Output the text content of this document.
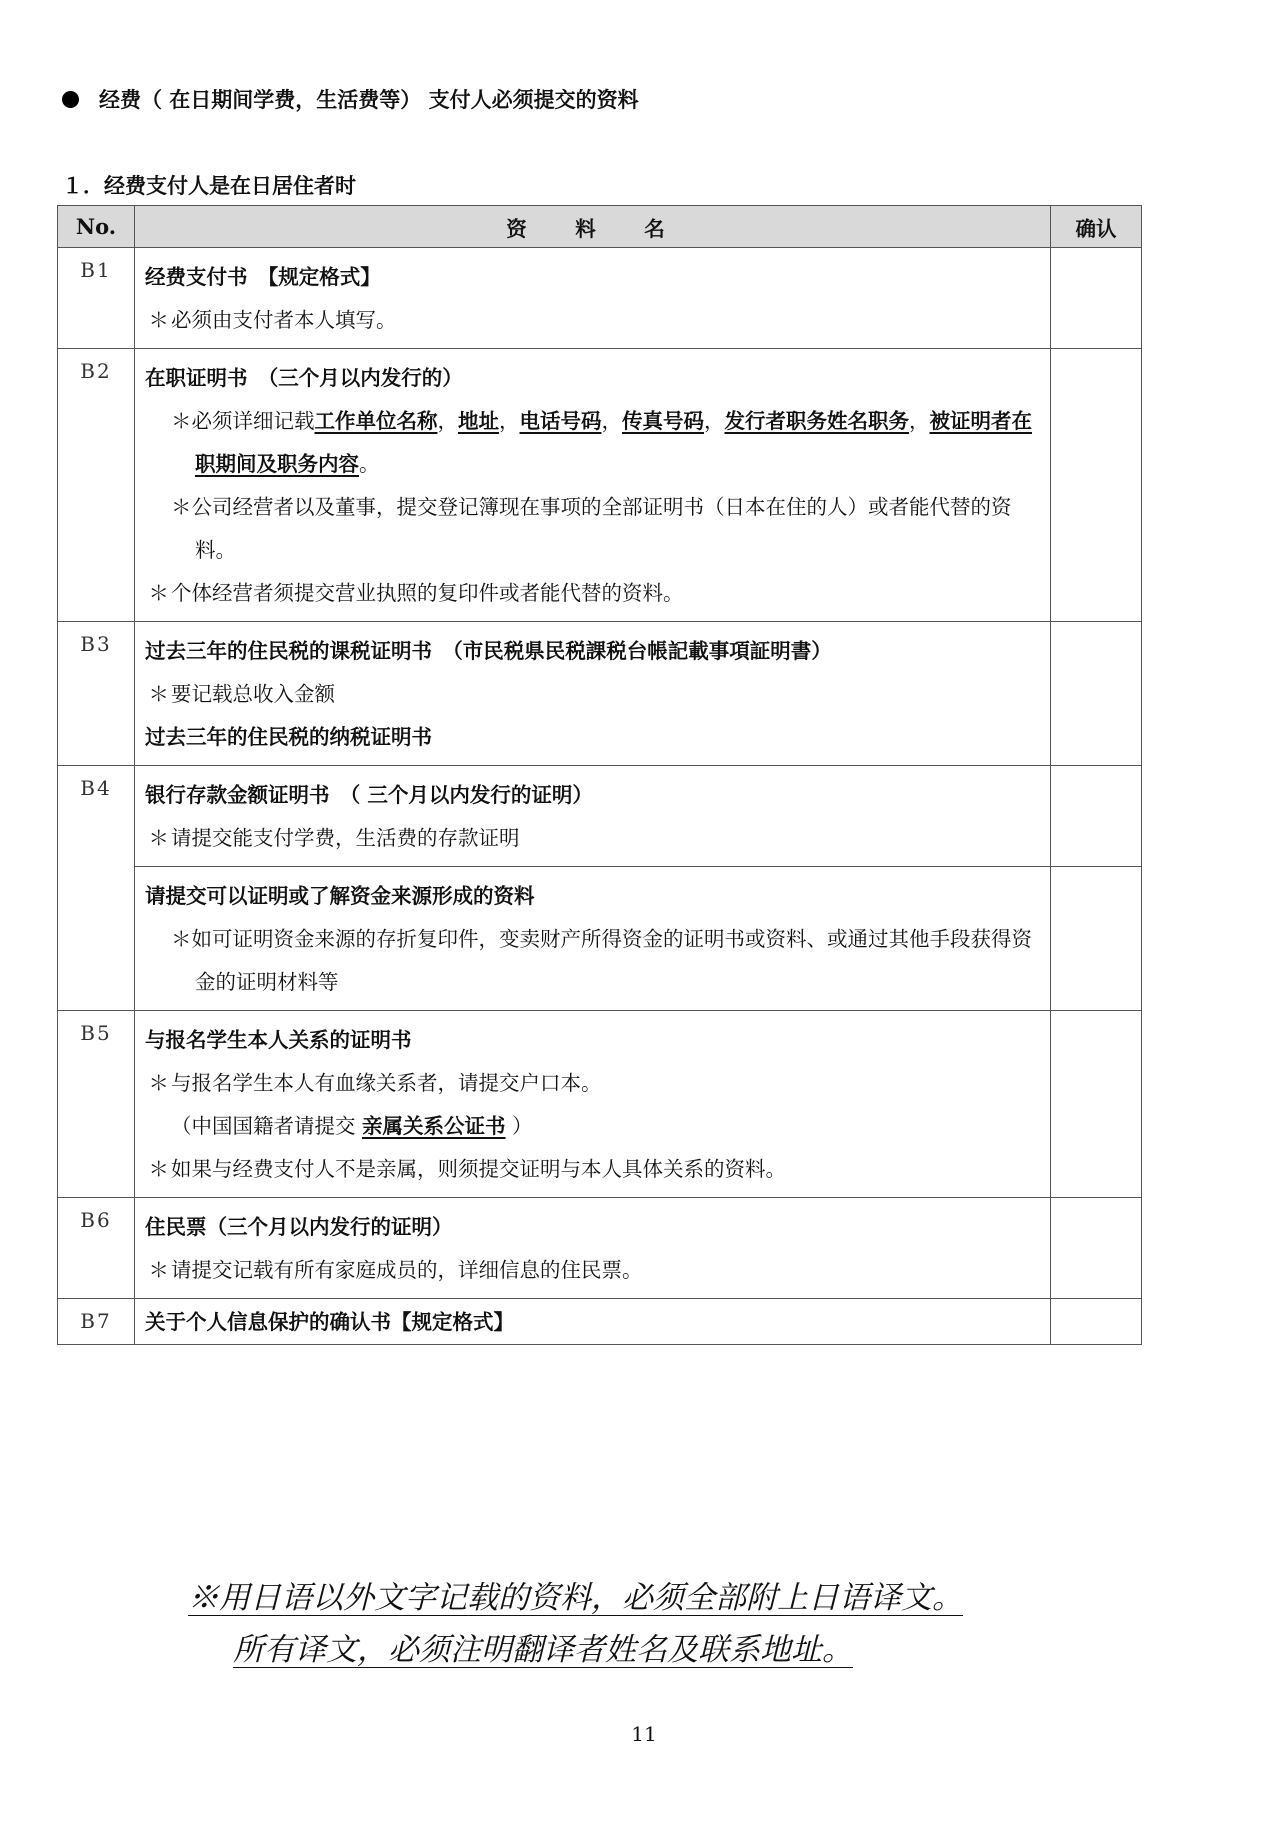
经费（ 在日期间学费，生活费等） 支付人必须提交的资料
１．经费支付人是在日居住者时
No.	资　料　名	确认
B1	经费支付书　【规定格式】
＊必须由支付者本人填写。	

B2	在职证明书　（三个月以内发行的）
＊必须详细记载工作单位名称，地址，电话号码，传真号码，发行者职务姓名职务，被证明者在职期间及职务内容。
＊公司经营者以及董事，提交登记簿现在事项的全部证明书（日本在住的人）或者能代替的资料。
＊个体经营者须提交营业执照的复印件或者能代替的资料。	

B3	过去三年的住民税的课税证明书　（市民税県民税課税台帳記載事項証明書）
＊要记载总收入金额
过去三年的住民税的纳税证明书	

B4	银行存款金额证明书　（ 三个月以内发行的证明）
＊请提交能支付学费，生活费的存款证明	

	请提交可以证明或了解资金来源形成的资料
＊如可证明资金来源的存折复印件，变卖财产所得资金的证明书或资料、或通过其他手段获得资金的证明材料等	

B5	与报名学生本人关系的证明书
＊与报名学生本人有血缘关系者，请提交户口本。
（中国国籍者请提交 亲属关系公证书 ）
＊如果与经费支付人不是亲属，则须提交证明与本人具体关系的资料。	

B6	住民票（三个月以内发行的证明）
＊请提交记载有所有家庭成员的，详细信息的住民票。	

B7	关于个人信息保护的确认书【规定格式】	

※用日语以外文字记载的资料，必须全部附上日语译文。
所有译文，必须注明翻译者姓名及联系地址。
11
